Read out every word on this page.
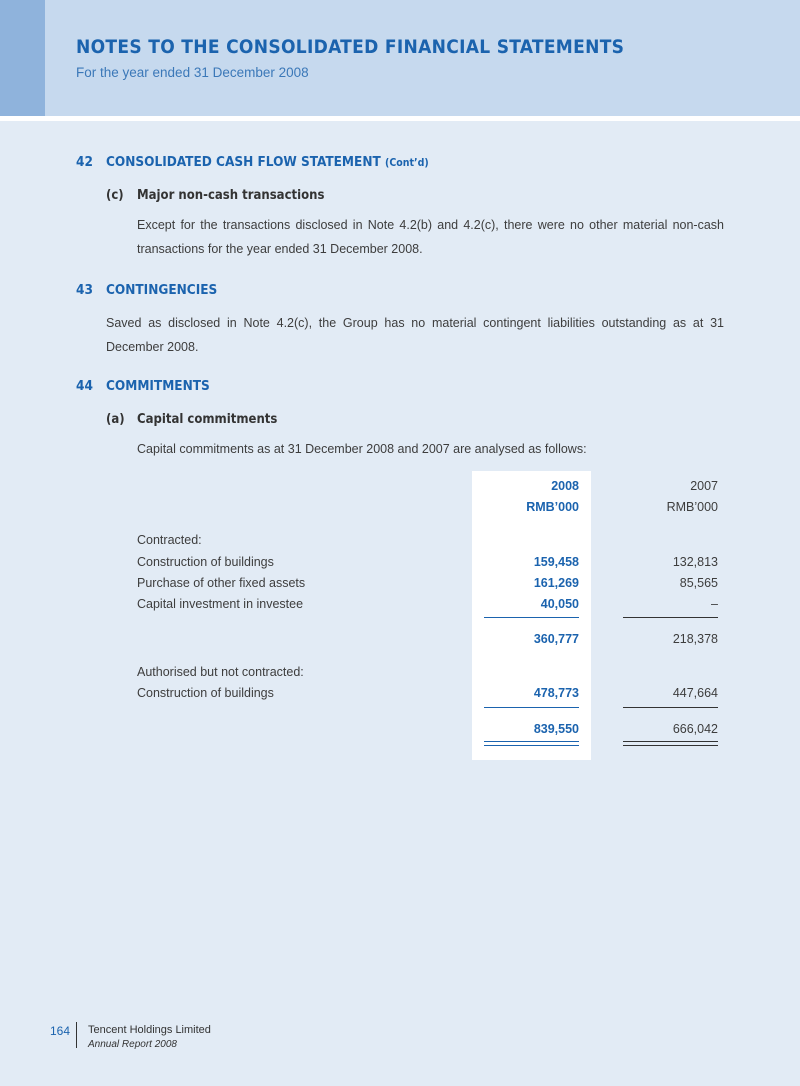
NOTES TO THE CONSOLIDATED FINANCIAL STATEMENTS
For the year ended 31 December 2008
42 CONSOLIDATED CASH FLOW STATEMENT (Cont’d)
(c) Major non-cash transactions
Except for the transactions disclosed in Note 4.2(b) and 4.2(c), there were no other material non-cash transactions for the year ended 31 December 2008.
43 CONTINGENCIES
Saved as disclosed in Note 4.2(c), the Group has no material contingent liabilities outstanding as at 31 December 2008.
44 COMMITMENTS
(a) Capital commitments
Capital commitments as at 31 December 2008 and 2007 are analysed as follows:
2008	2007
RMB’000	RMB’000
Contracted:
Construction of buildings	159,458	132,813
Purchase of other fixed assets	161,269	85,565
Capital investment in investee	40,050	–
360,777	218,378
Authorised but not contracted:
Construction of buildings	478,773	447,664
839,550	666,042
164 Tencent Holdings Limited
Annual Report 2008
